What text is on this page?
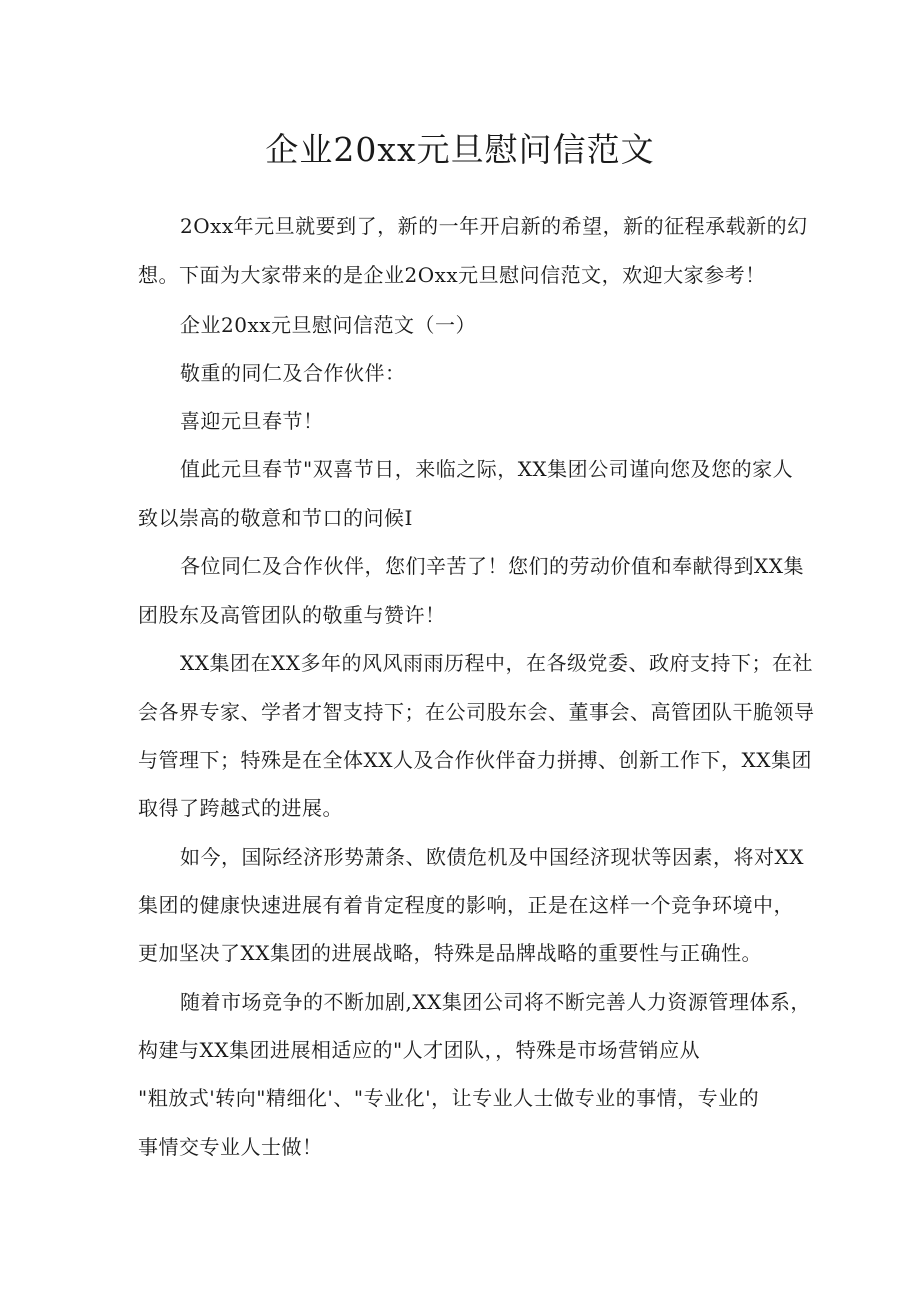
企业20xx元旦慰问信范文

2Oxx年元旦就要到了，新的一年开启新的希望，新的征程承载新的幻

想。下面为大家带来的是企业2Oxx元旦慰问信范文，欢迎大家参考！

企业20xx元旦慰问信范文（一）

敬重的同仁及合作伙伴：

喜迎元旦春节！

值此元旦春节"双喜节日，来临之际，XX集团公司谨向您及您的家人

致以崇高的敬意和节口的问候I

各位同仁及合作伙伴，您们辛苦了！您们的劳动价值和奉献得到XX集

团股东及高管团队的敬重与赞许！

XX集团在XX多年的风风雨雨历程中，在各级党委、政府支持下；在社

会各界专家、学者才智支持下；在公司股东会、董事会、高管团队干脆领导

与管理下；特殊是在全体XX人及合作伙伴奋力拼搏、创新工作下，XX集团

取得了跨越式的进展。

如今，国际经济形势萧条、欧债危机及中国经济现状等因素，将对XX

集团的健康快速进展有着肯定程度的影响，正是在这样一个竞争环境中，

更加坚决了XX集团的进展战略，特殊是品牌战略的重要性与正确性。

随着市场竞争的不断加剧,XX集团公司将不断完善人力资源管理体系，

构建与XX集团进展相适应的"人才团队，，特殊是市场营销应从

"粗放式'转向"精细化'、"专业化'，让专业人士做专业的事情，专业的

事情交专业人士做！
